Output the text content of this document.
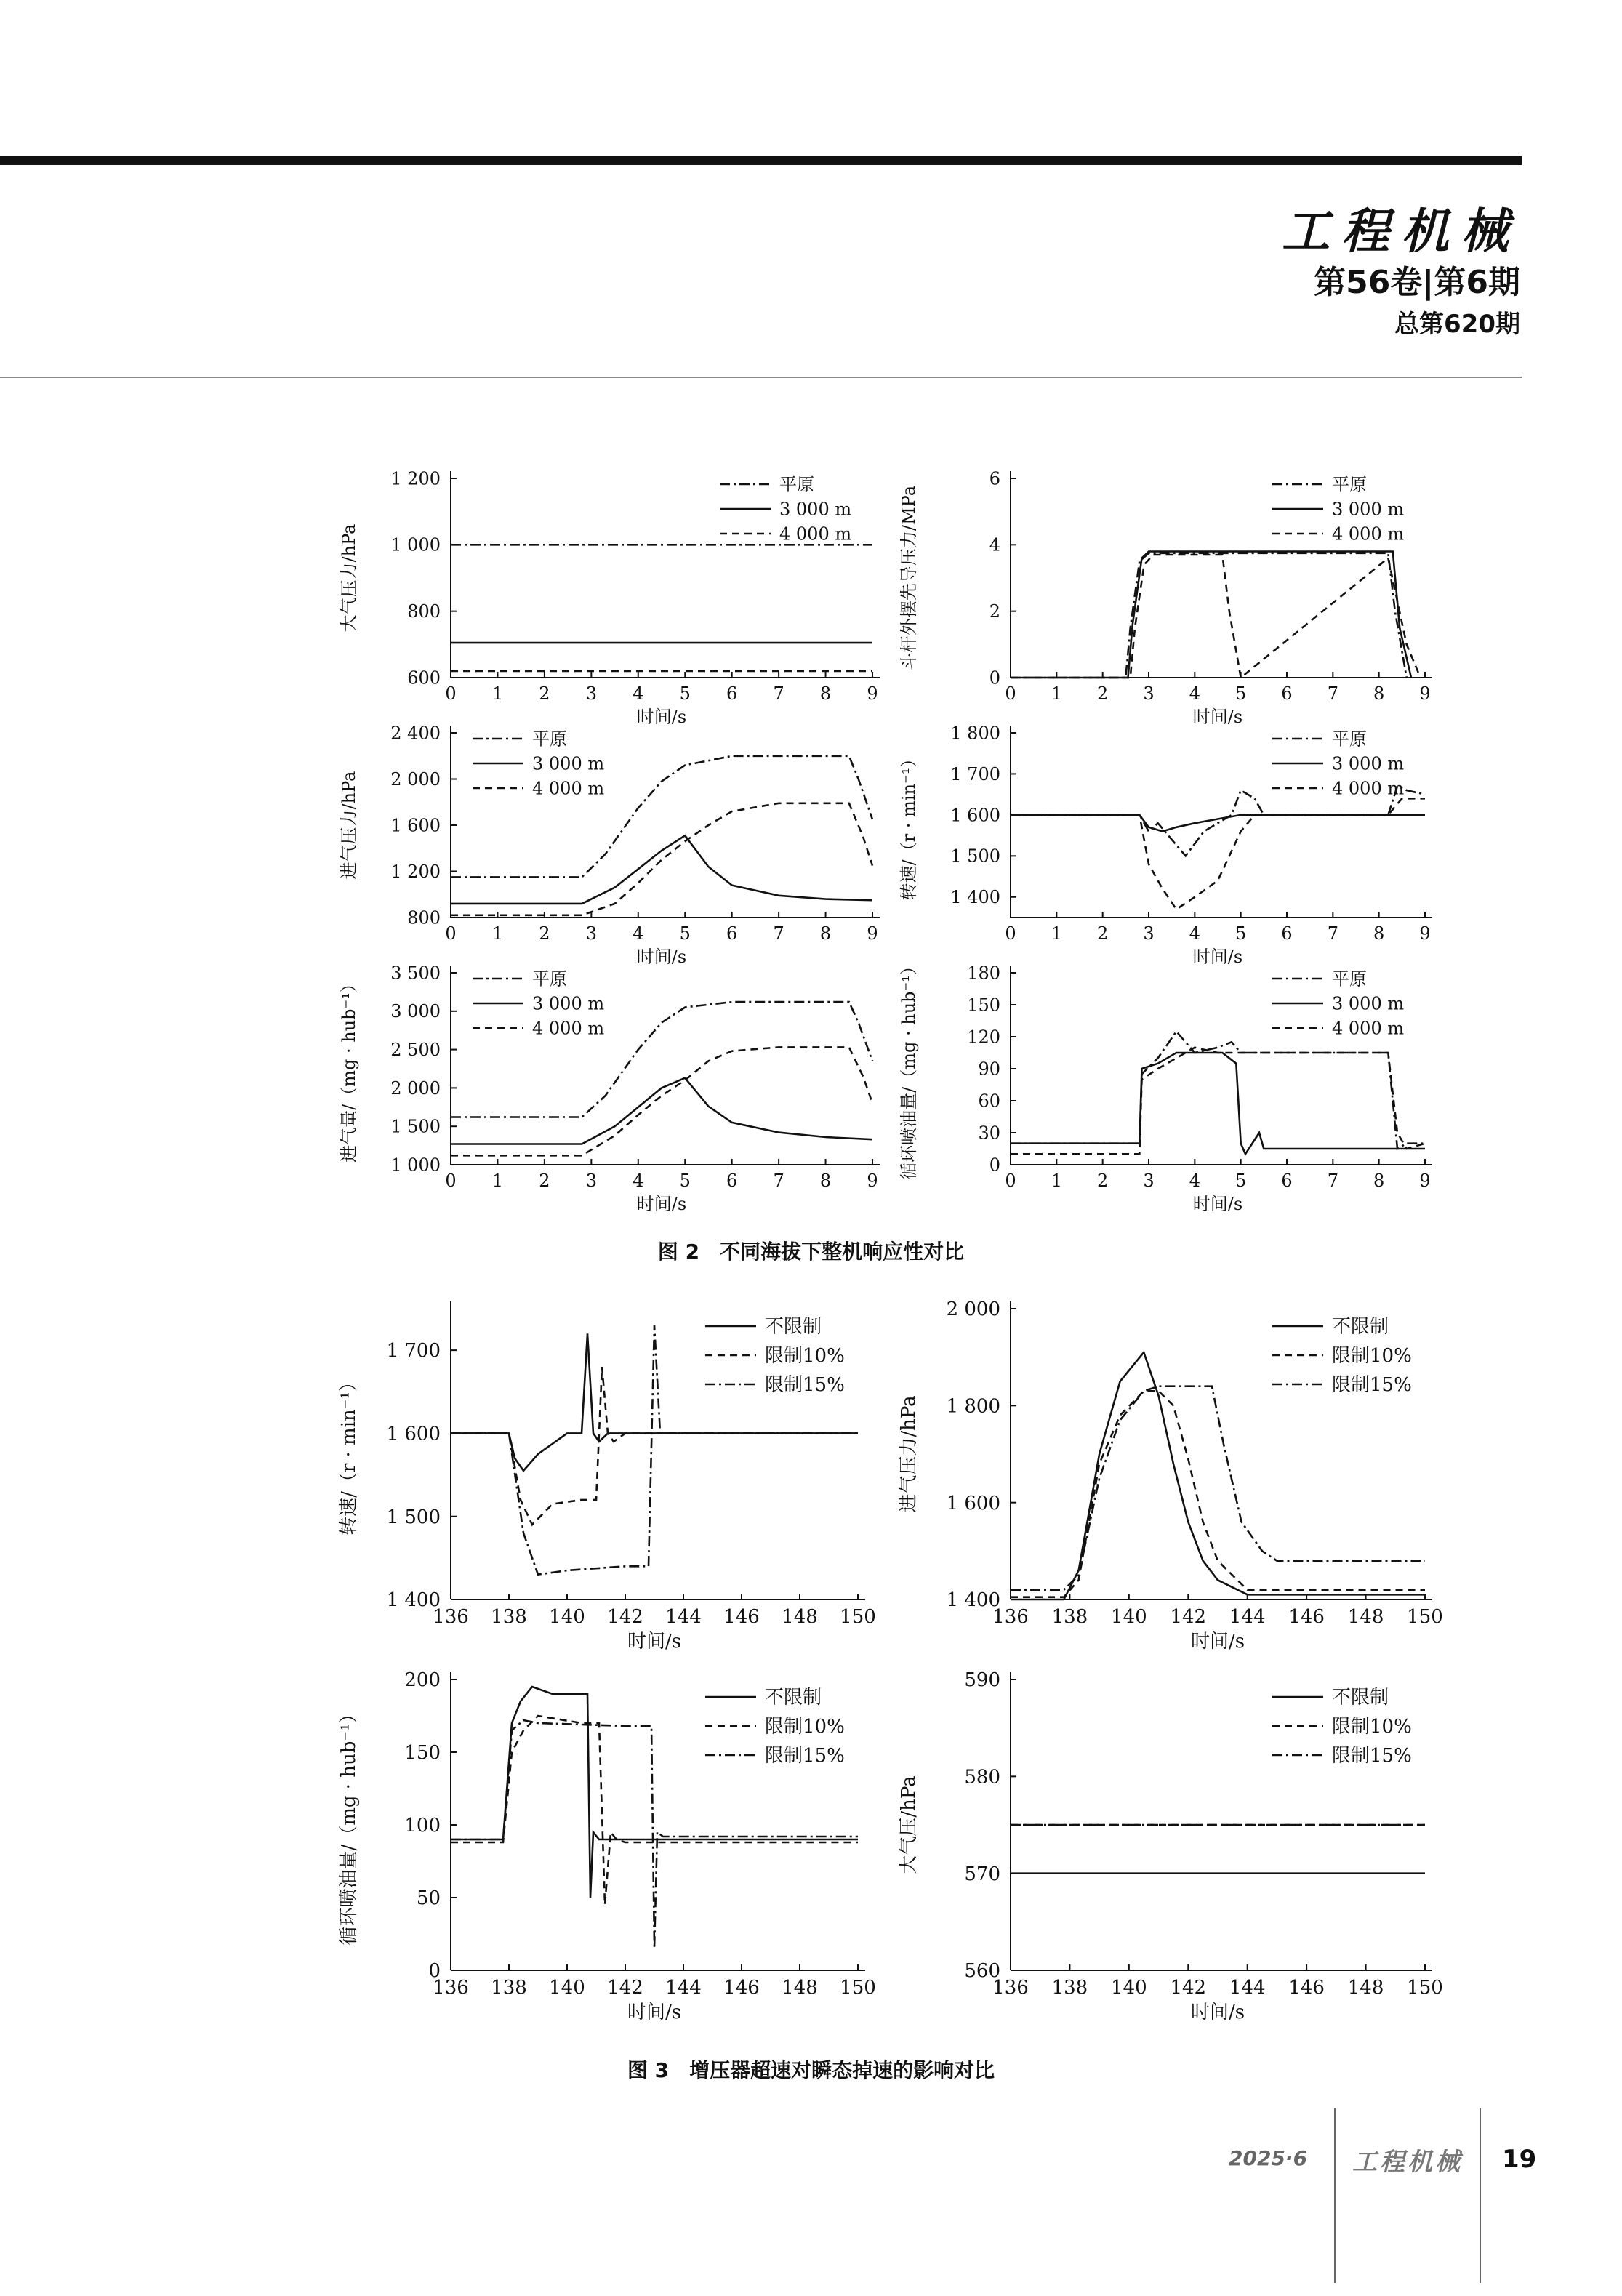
工程机械
第56卷|第6期
总第620期
0 1 2 3 4 5 6 7 8 9
600
800
1 000
1 200
时间/s
大气压力/hPa
平原
3 000 m
4 000 m
0 1 2 3 4 5 6 7 8 9
0
2
4
6
时间/s
斗杆外摆先导压力/MPa
平原
3 000 m
4 000 m
0 1 2 3 4 5 6 7 8 9
800
1 200
1 600
2 000
2 400
时间/s
进气压力/hPa
平原
3 000 m
4 000 m
0 1 2 3 4 5 6 7 8 9
1 400
1 500
1 600
1 700
1 800
时间/s
转速/（r · min⁻¹）
平原
3 000 m
4 000 m
0 1 2 3 4 5 6 7 8 9
1 000
1 500
2 000
2 500
3 000
3 500
时间/s
进气量/（mg · hub⁻¹）	平原
3 000 m
4 000 m
0 1 2 3 4 5 6 7 8 9
0
30
60
90
120
150
180
时间/s
循环喷油量/（mg · hub⁻¹）	平原
3 000 m
4 000 m
图 2　不同海拔下整机响应性对比
136 138 140 142 144 146 148 150
1 400
1 500
1 600
1 700
时间/s
转速/（r · min⁻¹）
不限制
限制10%
限制15%
136 138 140 142 144 146 148 150
1 400
1 600
1 800
2 000
时间/s
进气压力/hPa
不限制
限制10%
限制15%
136 138 140 142 144 146 148 150
0
50
100
150
200
时间/s
循环喷油量/（mg · hub⁻¹）
不限制
限制10%
限制15%
136 138 140 142 144 146 148 150
560
570
580
590
时间/s
大气压/hPa
不限制
限制10%
限制15%
图 3　增压器超速对瞬态掉速的影响对比
2025·6 工程机械 19
